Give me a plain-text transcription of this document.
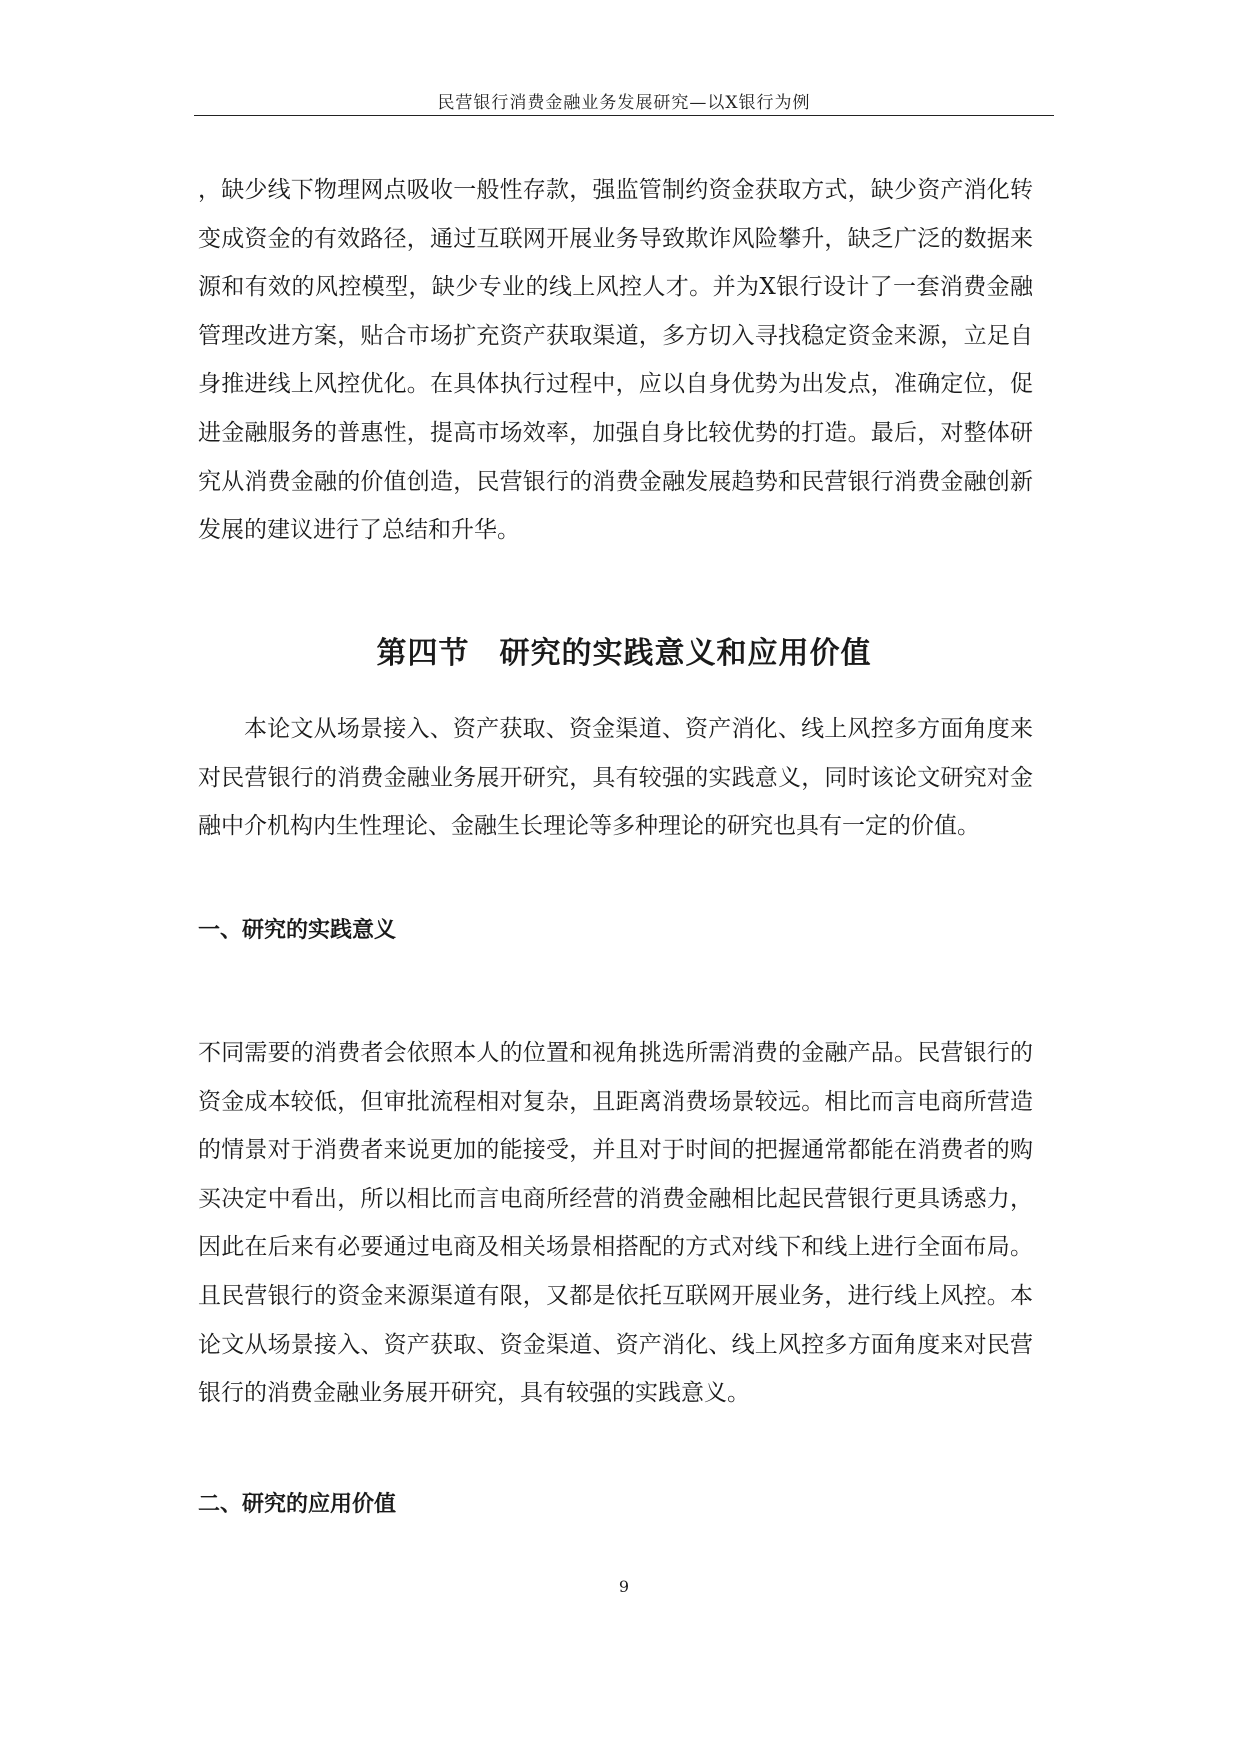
民营银行消费金融业务发展研究—以X银行为例

，缺少线下物理网点吸收一般性存款，强监管制约资金获取方式，缺少资产消化转变成资金的有效路径，通过互联网开展业务导致欺诈风险攀升，缺乏广泛的数据来源和有效的风控模型，缺少专业的线上风控人才。并为X银行设计了一套消费金融管理改进方案，贴合市场扩充资产获取渠道，多方切入寻找稳定资金来源，立足自身推进线上风控优化。在具体执行过程中，应以自身优势为出发点，准确定位，促进金融服务的普惠性，提高市场效率，加强自身比较优势的打造。最后，对整体研究从消费金融的价值创造，民营银行的消费金融发展趋势和民营银行消费金融创新发展的建议进行了总结和升华。

第四节 研究的实践意义和应用价值

本论文从场景接入、资产获取、资金渠道、资产消化、线上风控多方面角度来对民营银行的消费金融业务展开研究，具有较强的实践意义，同时该论文研究对金融中介机构内生性理论、金融生长理论等多种理论的研究也具有一定的价值。

一、研究的实践意义

不同需要的消费者会依照本人的位置和视角挑选所需消费的金融产品。民营银行的资金成本较低，但审批流程相对复杂，且距离消费场景较远。相比而言电商所营造的情景对于消费者来说更加的能接受，并且对于时间的把握通常都能在消费者的购买决定中看出，所以相比而言电商所经营的消费金融相比起民营银行更具诱惑力，因此在后来有必要通过电商及相关场景相搭配的方式对线下和线上进行全面布局。且民营银行的资金来源渠道有限，又都是依托互联网开展业务，进行线上风控。本论文从场景接入、资产获取、资金渠道、资产消化、线上风控多方面角度来对民营银行的消费金融业务展开研究，具有较强的实践意义。

二、研究的应用价值
9
